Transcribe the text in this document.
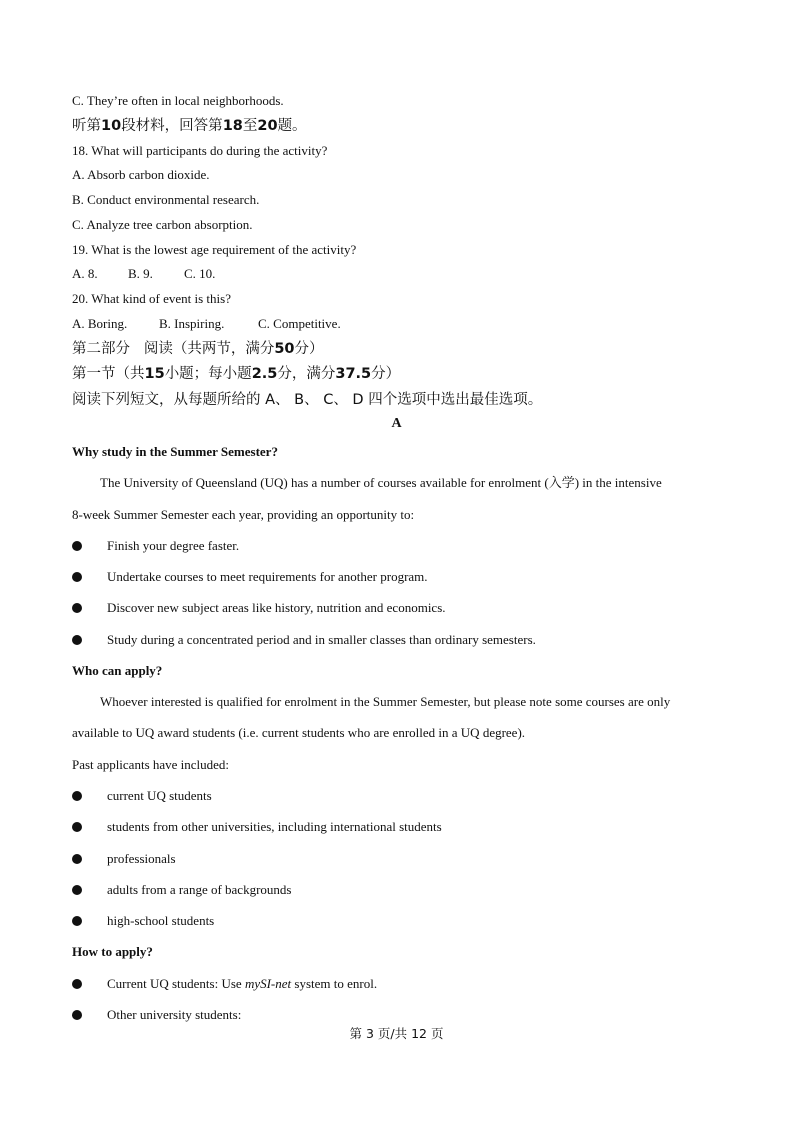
C. They’re often in local neighborhoods.
听第10段材料，回答第18至20题。
18. What will participants do during the activity?
A. Absorb carbon dioxide.
B. Conduct environmental research.
C. Analyze tree carbon absorption.
19. What is the lowest age requirement of the activity?
A. 8. B. 9. C. 10.
20. What kind of event is this?
A. Boring. B. Inspiring.	C. Competitive.
第二部分 阅读（共两节，满分50分）
第一节（共15小题；每小题2.5分，满分37.5分）
阅读下列短文，从每题所给的 A、 B、 C、 D 四个选项中选出最佳选项。
A
Why study in the Summer Semester?
The University of Queensland (UQ) has a number of courses available for enrolment (入学) in the intensive
8-week Summer Semester each year, providing an opportunity to:
Finish your degree faster.
Undertake courses to meet requirements for another program.
Discover new subject areas like history, nutrition and economics.
Study during a concentrated period and in smaller classes than ordinary semesters.
Who can apply?
Whoever interested is qualified for enrolment in the Summer Semester, but please note some courses are only
available to UQ award students (i.e. current students who are enrolled in a UQ degree).
Past applicants have included:
current UQ students
students from other universities, including international students
professionals
adults from a range of backgrounds
high-school students
How to apply?
Current UQ students: Use mySI-net system to enrol.
Other university students:
第 3 页/共 12 页
